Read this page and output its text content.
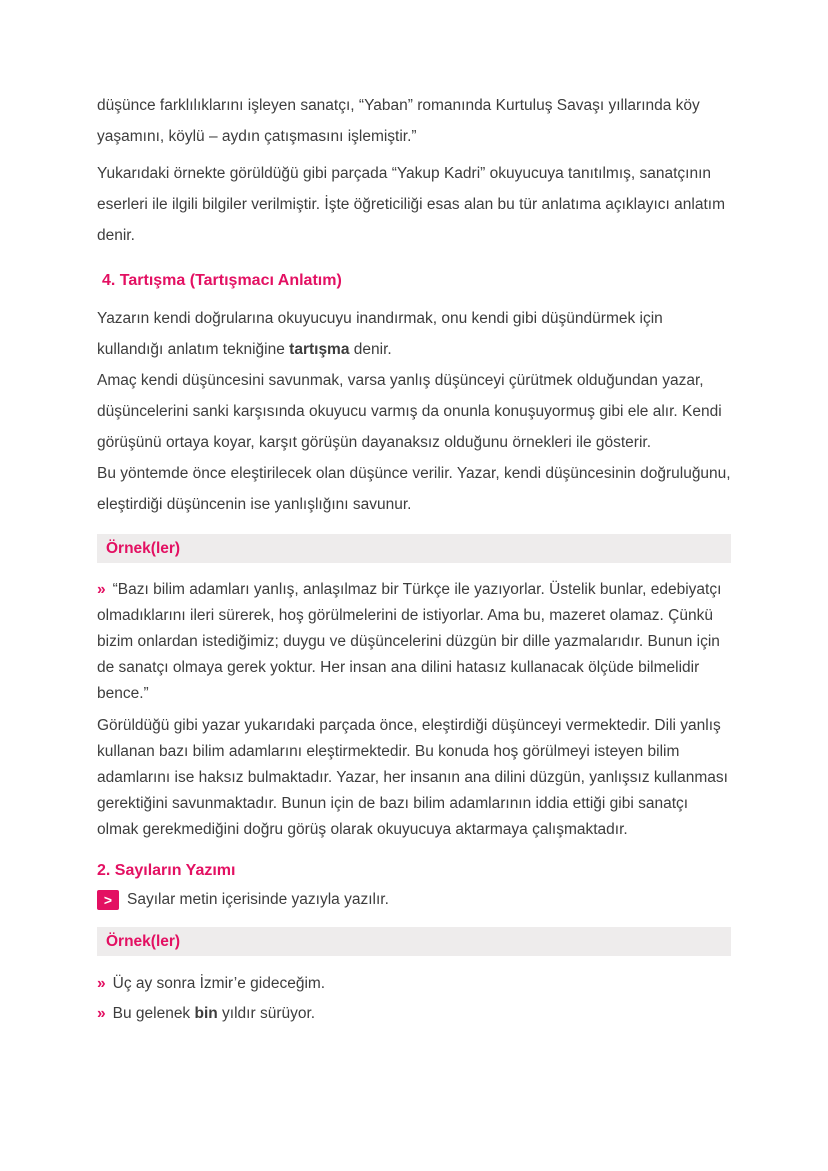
düşünce farklılıklarını işleyen sanatçı, “Yaban” romanında Kurtuluş Savaşı yıllarında köy yaşamını, köylü – aydın çatışmasını işlemiştir.”

Yukarıdaki örnekte görüldüğü gibi parçada “Yakup Kadri” okuyucuya tanıtılmış, sanatçının eserleri ile ilgili bilgiler verilmiştir. İşte öğreticiliği esas alan bu tür anlatıma açıklayıcı anlatım denir.

4. Tartışma (Tartışmacı Anlatım)
Yazarın kendi doğrularına okuyucuyu inandırmak, onu kendi gibi düşündürmek için kullandığı anlatım tekniğine tartışma denir.

Amaç kendi düşüncesini savunmak, varsa yanlış düşünceyi çürütmek olduğundan yazar, düşüncelerini sanki karşısında okuyucu varmış da onunla konuşuyormuş gibi ele alır. Kendi görüşünü ortaya koyar, karşıt görüşün dayanaksız olduğunu örnekleri ile gösterir.

Bu yöntemde önce eleştirilecek olan düşünce verilir. Yazar, kendi düşüncesinin doğruluğunu, eleştirdiği düşüncenin ise yanlışlığını savunur.

Örnek(ler)
» “Bazı bilim adamları yanlış, anlaşılmaz bir Türkçe ile yazıyorlar. Üstelik bunlar, edebiyatçı olmadıklarını ileri sürerek, hoş görülmelerini de istiyorlar. Ama bu, mazeret olamaz. Çünkü bizim onlardan istediğimiz; duygu ve düşüncelerini düzgün bir dille yazmalarıdır. Bunun için de sanatçı olmaya gerek yoktur. Her insan ana dilini hatasız kullanacak ölçüde bilmelidir bence.”

Görüldüğü gibi yazar yukarıdaki parçada önce, eleştirdiği düşünceyi vermektedir. Dili yanlış kullanan bazı bilim adamlarını eleştirmektedir. Bu konuda hoş görülmeyi isteyen bilim adamlarını ise haksız bulmaktadır. Yazar, her insanın ana dilini düzgün, yanlışsız kullanması gerektiğini savunmaktadır. Bunun için de bazı bilim adamlarının iddia ettiği gibi sanatçı olmak gerekmediğini doğru görüş olarak okuyucuya aktarmaya çalışmaktadır.

2. Sayıların Yazımı
> Sayılar metin içerisinde yazıyla yazılır.
Örnek(ler)
» Üç ay sonra İzmir’e gideceğim.
» Bu gelenek bin yıldır sürüyor.
